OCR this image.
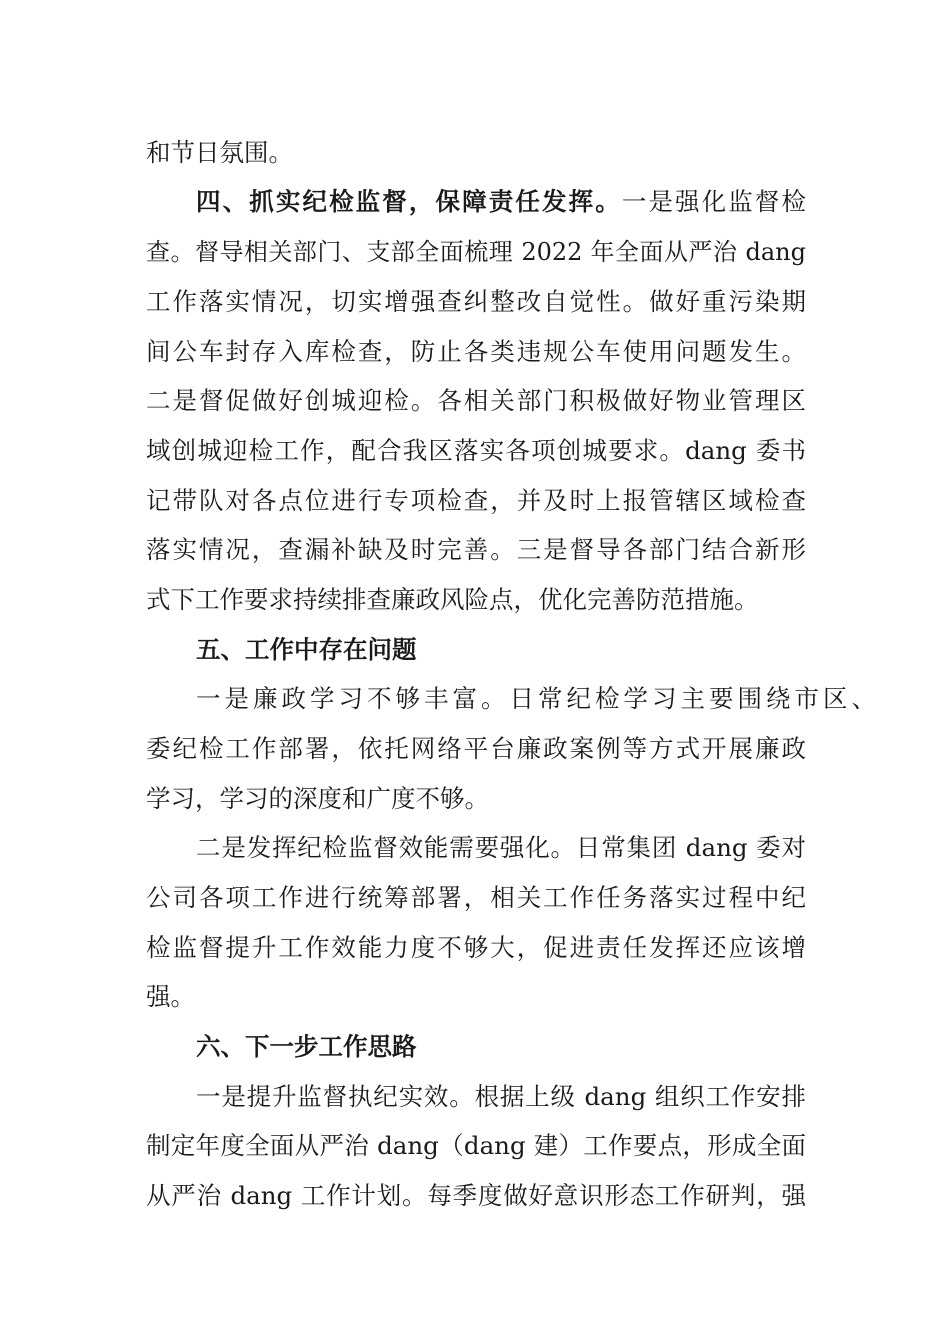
和节日氛围。
四、抓实纪检监督，保障责任发挥。一是强化监督检
查。督导相关部门、支部全面梳理 2022 年全面从严治 dang
工作落实情况，切实增强查纠整改自觉性。做好重污染期
间公车封存入库检查，防止各类违规公车使用问题发生。
二是督促做好创城迎检。各相关部门积极做好物业管理区
域创城迎检工作，配合我区落实各项创城要求。dang 委书
记带队对各点位进行专项检查，并及时上报管辖区域检查
落实情况，查漏补缺及时完善。三是督导各部门结合新形
式下工作要求持续排查廉政风险点，优化完善防范措施。
五、工作中存在问题
一是廉政学习不够丰富。日常纪检学习主要围绕市区、
委纪检工作部署，依托网络平台廉政案例等方式开展廉政
学习，学习的深度和广度不够。
二是发挥纪检监督效能需要强化。日常集团 dang 委对
公司各项工作进行统筹部署，相关工作任务落实过程中纪
检监督提升工作效能力度不够大，促进责任发挥还应该增
强。
六、下一步工作思路
一是提升监督执纪实效。根据上级 dang 组织工作安排
制定年度全面从严治 dang（dang 建）工作要点，形成全面
从严治 dang 工作计划。每季度做好意识形态工作研判，强
